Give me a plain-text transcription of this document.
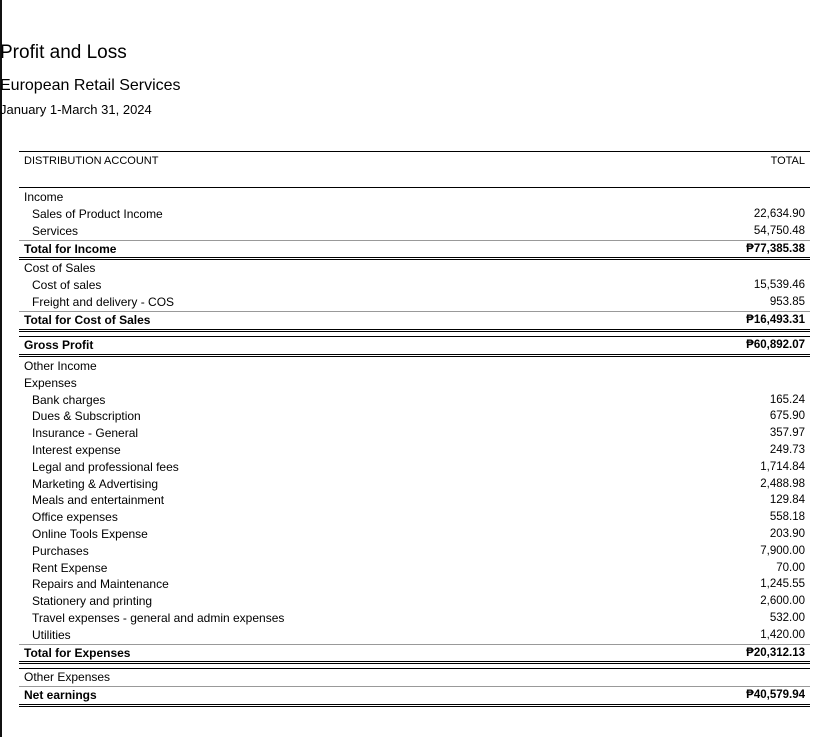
Profit and Loss
European Retail Services
January 1-March 31, 2024
DISTRIBUTION ACCOUNT	TOTAL
Income
Sales of Product Income	22,634.90
Services	54,750.48
Total for Income	₱77,385.38
Cost of Sales
Cost of sales	15,539.46
Freight and delivery - COS	953.85
Total for Cost of Sales	₱16,493.31
Gross Profit	₱60,892.07
Other Income
Expenses
Bank charges	165.24
Dues & Subscription	675.90
Insurance - General	357.97
Interest expense	249.73
Legal and professional fees	1,714.84
Marketing & Advertising	2,488.98
Meals and entertainment	129.84
Office expenses	558.18
Online Tools Expense	203.90
Purchases	7,900.00
Rent Expense	70.00
Repairs and Maintenance	1,245.55
Stationery and printing	2,600.00
Travel expenses - general and admin expenses	532.00
Utilities	1,420.00
Total for Expenses	₱20,312.13
Other Expenses
Net earnings	₱40,579.94
